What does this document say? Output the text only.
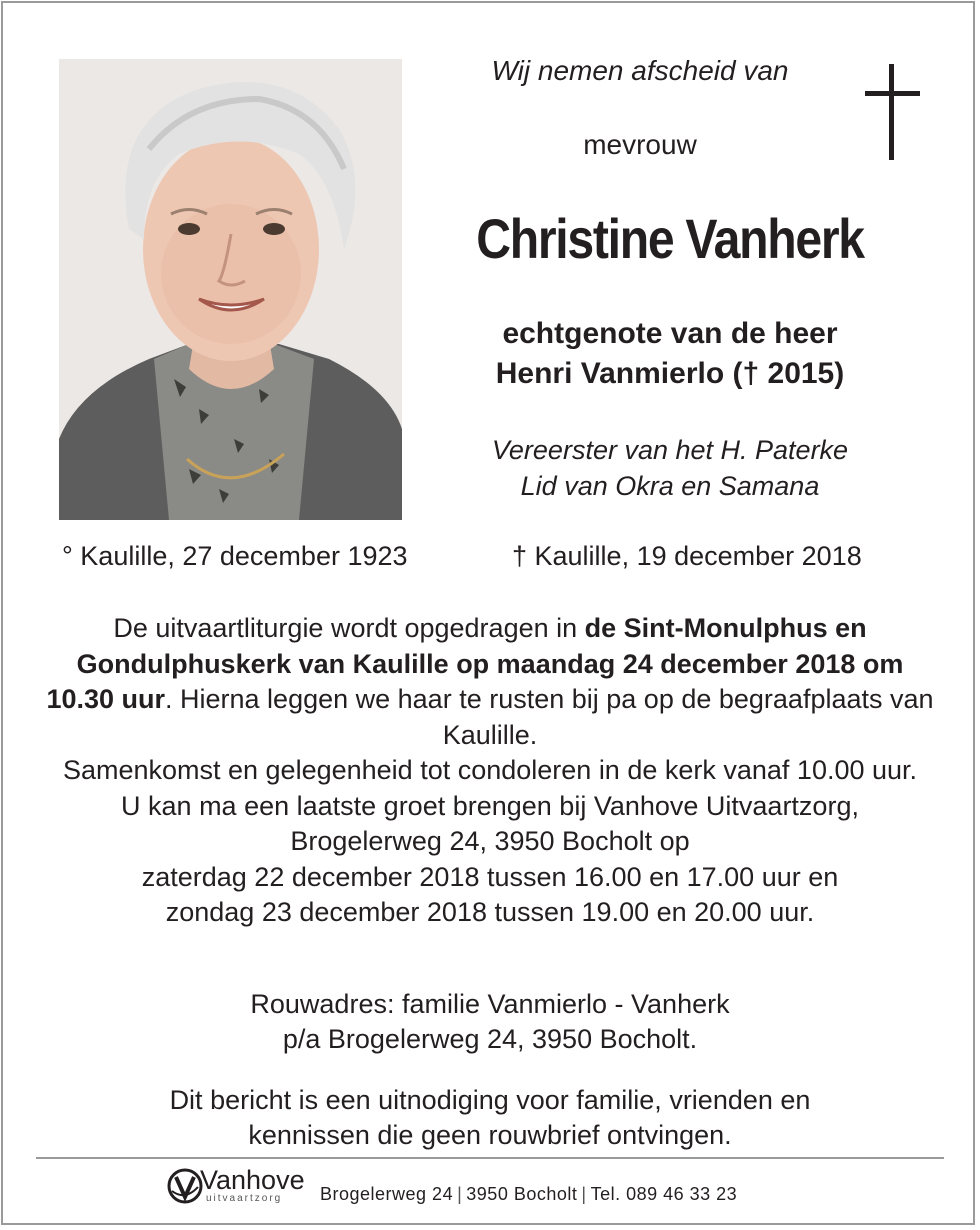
Wij nemen afscheid van
mevrouw
Christine Vanherk
echtgenote van de heer
Henri Vanmierlo († 2015)
Vereerster van het H. Paterke
Lid van Okra en Samana
° Kaulille, 27 december 1923	† Kaulille, 19 december 2018

De uitvaartliturgie wordt opgedragen in de Sint-Monulphus en Gondulphuskerk van Kaulille op maandag 24 december 2018 om 10.30 uur. Hierna leggen we haar te rusten bij pa op de begraafplaats van Kaulille.

Samenkomst en gelegenheid tot condoleren in de kerk vanaf 10.00 uur.

U kan ma een laatste groet brengen bij Vanhove Uitvaartzorg,

Brogelerweg 24, 3950 Bocholt op

zaterdag 22 december 2018 tussen 16.00 en 17.00 uur en

zondag 23 december 2018 tussen 19.00 en 20.00 uur.

Rouwadres: familie Vanmierlo - Vanherk

p/a Brogelerweg 24, 3950 Bocholt.

Dit bericht is een uitnodiging voor familie, vrienden en

kennissen die geen rouwbrief ontvingen.

Vanhove
uitvaartzorg Brogelerweg 24 | 3950 Bocholt | Tel. 089 46 33 23
